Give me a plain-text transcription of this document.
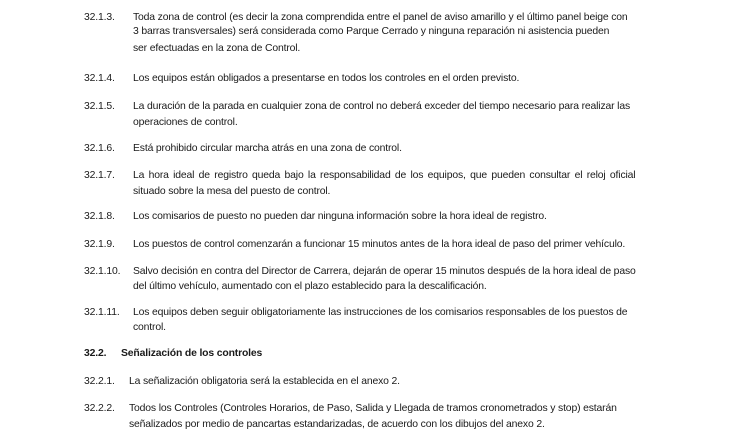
32.1.3. Toda zona de control (es decir la zona comprendida entre el panel de aviso amarillo y el último panel beige con
3 barras transversales) será considerada como Parque Cerrado y ninguna reparación ni asistencia pueden
ser efectuadas en la zona de Control.
32.1.4. Los equipos están obligados a presentarse en todos los controles en el orden previsto.
32.1.5. La duración de la parada en cualquier zona de control no deberá exceder del tiempo necesario para realizar las
operaciones de control.
32.1.6. Está prohibido circular marcha atrás en una zona de control.
32.1.7. La hora ideal de registro queda bajo la responsabilidad de los equipos, que pueden consultar el reloj oficial
situado sobre la mesa del puesto de control.
32.1.8. Los comisarios de puesto no pueden dar ninguna información sobre la hora ideal de registro.
32.1.9. Los puestos de control comenzarán a funcionar 15 minutos antes de la hora ideal de paso del primer vehículo.
32.1.10. Salvo decisión en contra del Director de Carrera, dejarán de operar 15 minutos después de la hora ideal de paso
del último vehículo, aumentado con el plazo establecido para la descalificación.
32.1.11. Los equipos deben seguir obligatoriamente las instrucciones de los comisarios responsables de los puestos de
control.
32.2. Señalización de los controles
32.2.1. La señalización obligatoria será la establecida en el anexo 2.
32.2.2. Todos los Controles (Controles Horarios, de Paso, Salida y Llegada de tramos cronometrados y stop) estarán
señalizados por medio de pancartas estandarizadas, de acuerdo con los dibujos del anexo 2.
